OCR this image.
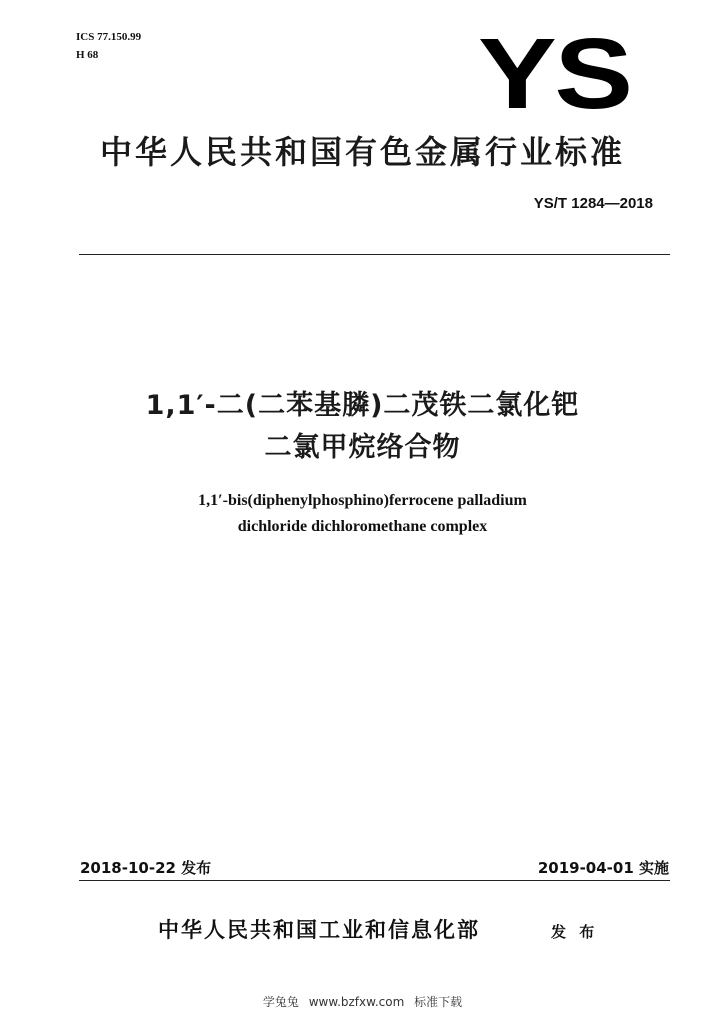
ICS 77.150.99
H 68	YS
中华人民共和国有色金属行业标准
YS/T 1284—2018
1,1′-二(二苯基膦)二茂铁二氯化钯
二氯甲烷络合物
1,1′-bis(diphenylphosphino)ferrocene palladium
dichloride dichloromethane complex
2018-10-22 发布	2019-04-01 实施
中华人民共和国工业和信息化部	发 布
学兔兔 www.bzfxw.com 标准下载
